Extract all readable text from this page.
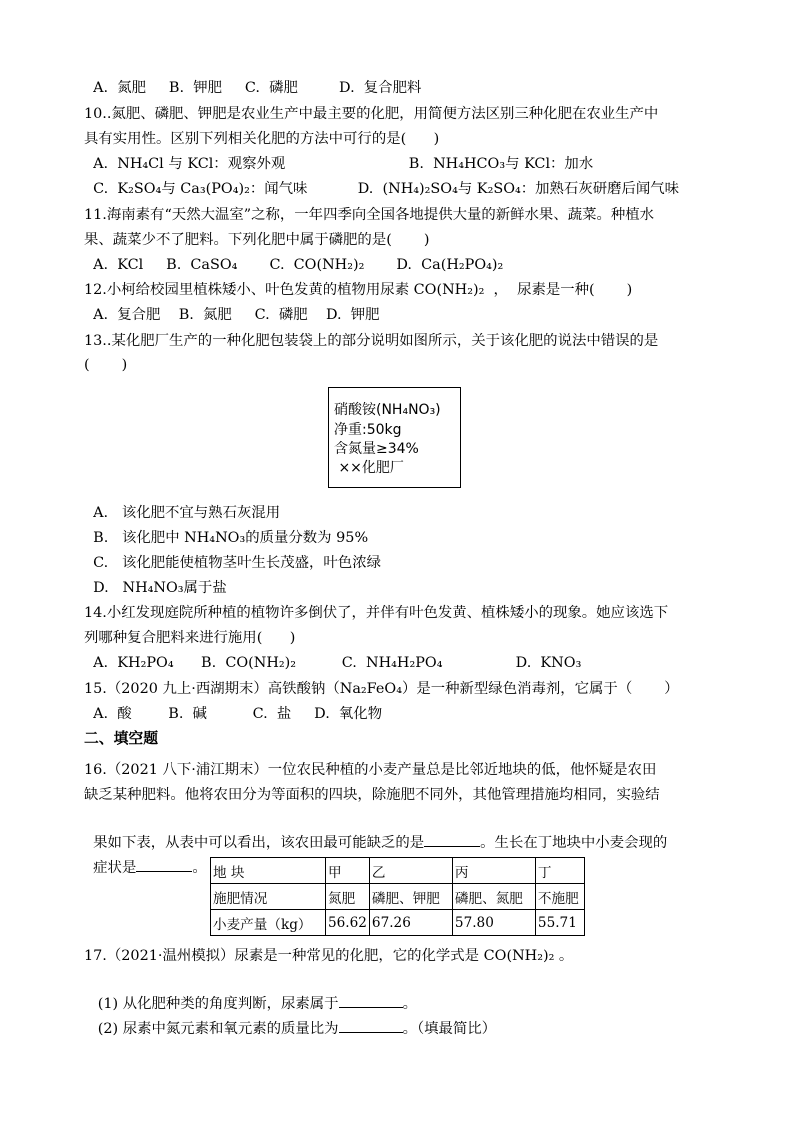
A.  氮肥     B.  钾肥     C.  磷肥         D.  复合肥料
10..氮肥、磷肥、钾肥是农业生产中最主要的化肥，用简便方法区别三种化肥在农业生产中
具有实用性。区别下列相关化肥的方法中可行的是(      )
A.  NH₄Cl 与 KCl：观察外观                           B.  NH₄HCO₃与 KCl：加水
C.  K₂SO₄与 Ca₃(PO₄)₂：闻气味           D.  (NH₄)₂SO₄与 K₂SO₄：加熟石灰研磨后闻气味
11.海南素有“天然大温室”之称，一年四季向全国各地提供大量的新鲜水果、蔬菜。种植水
果、蔬菜少不了肥料。下列化肥中属于磷肥的是(       )
A.  KCl     B.  CaSO₄       C.  CO(NH₂)₂       D.  Ca(H₂PO₄)₂
12.小柯给校园里植株矮小、叶色发黄的植物用尿素 CO(NH₂)₂  ，  尿素是一种(       )
A.  复合肥    B.  氮肥     C.  磷肥    D.  钾肥
13..某化肥厂生产的一种化肥包装袋上的部分说明如图所示，关于该化肥的说法中错误的是
(       )
硝酸铵(NH₄NO₃)
净重:50kg
含氮量≥34%
××化肥厂
A.   该化肥不宜与熟石灰混用
B.   该化肥中 NH₄NO₃的质量分数为 95%
C.   该化肥能使植物茎叶生长茂盛，叶色浓绿
D.   NH₄NO₃属于盐
14.小红发现庭院所种植的植物许多倒伏了，并伴有叶色发黄、植株矮小的现象。她应该选下
列哪种复合肥料来进行施用(      )
A.  KH₂PO₄      B.  CO(NH₂)₂          C.  NH₄H₂PO₄                D.  KNO₃
15.（2020 九上·西湖期末）高铁酸钠（Na₂FeO₄）是一种新型绿色消毒剂，它属于（       ）
A.  酸        B.  碱          C.  盐     D.  氧化物
二、填空题
16.（2021 八下·浦江期末）一位农民种植的小麦产量总是比邻近地块的低，他怀疑是农田
缺乏某种肥料。他将农田分为等面积的四块，除施肥不同外，其他管理措施均相同，实验结

果如下表，从表中可以看出，该农田最可能缺乏的是	。生长在丁地块中小麦会现的

症状是	。 地 块	甲	乙	丙	丁
施肥情况	氮肥	磷肥、钾肥	磷肥、氮肥	不施肥
小麦产量（kg）	56.62	67.26	57.80	55.71
17.（2021·温州模拟）尿素是一种常见的化肥，它的化学式是 CO(NH₂)₂ 。

(1) 从化肥种类的角度判断，尿素属于	。

(2) 尿素中氮元素和氧元素的质量比为	。（填最简比）
